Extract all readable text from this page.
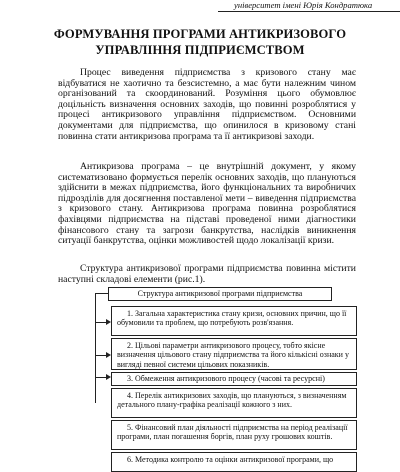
університет імені Юрія Кондратюка
ФОРМУВАННЯ ПРОГРАМИ АНТИКРИЗОВОГО
УПРАВЛІННЯ ПІДПРИЄМСТВОМ

Процес виведення підприємства з кризового стану має відбуватися не хаотично та безсистемно, а має бути належним чином організований та скоординований. Розуміння цього обумовлює доцільність визначення основних заходів, що повинні розроблятися у процесі антикризового управління підприємством. Основними документами для підприємства, що опинилося в кризовому стані повинна стати антикризова програма та її антикризові заходи.

Антикризова програма – це внутрішній документ, у якому систематизовано формується перелік основних заходів, що плануються здійснити в межах підприємства, його функціональних та виробничих підрозділів для досягнення поставленої мети – виведення підприємства з кризового стану. Антикризова програма повинна розроблятися фахівцями підприємства на підставі проведеної ними діагностики фінансового стану та загрози банкрутства, наслідків виникнення ситуації банкрутства, оцінки можливостей щодо локалізації кризи.

Структура антикризової програми підприємства повинна містити наступні складові елементи (рис.1).

Структура антикризової програми підприємства
1. Загальна характеристика стану кризи, основних причин, що її обумовили та проблем, що потребують розв'язання.
2. Цільові параметри антикризового процесу, тобто якісне визначення цільового стану підприємства та його кількісні ознаки у вигляді певної системи цільових показників.
3. Обмеження антикризового процесу (часові та ресурсні)
4. Перелік антикризових заходів, що плануються, з визначенням детального плану-графіка реалізації кожного з них.
5. Фінансовий план діяльності підприємства на період реалізації програми, план погашення боргів, план руху грошових коштів.
6. Методика контролю та оцінки антикризової програми, що
